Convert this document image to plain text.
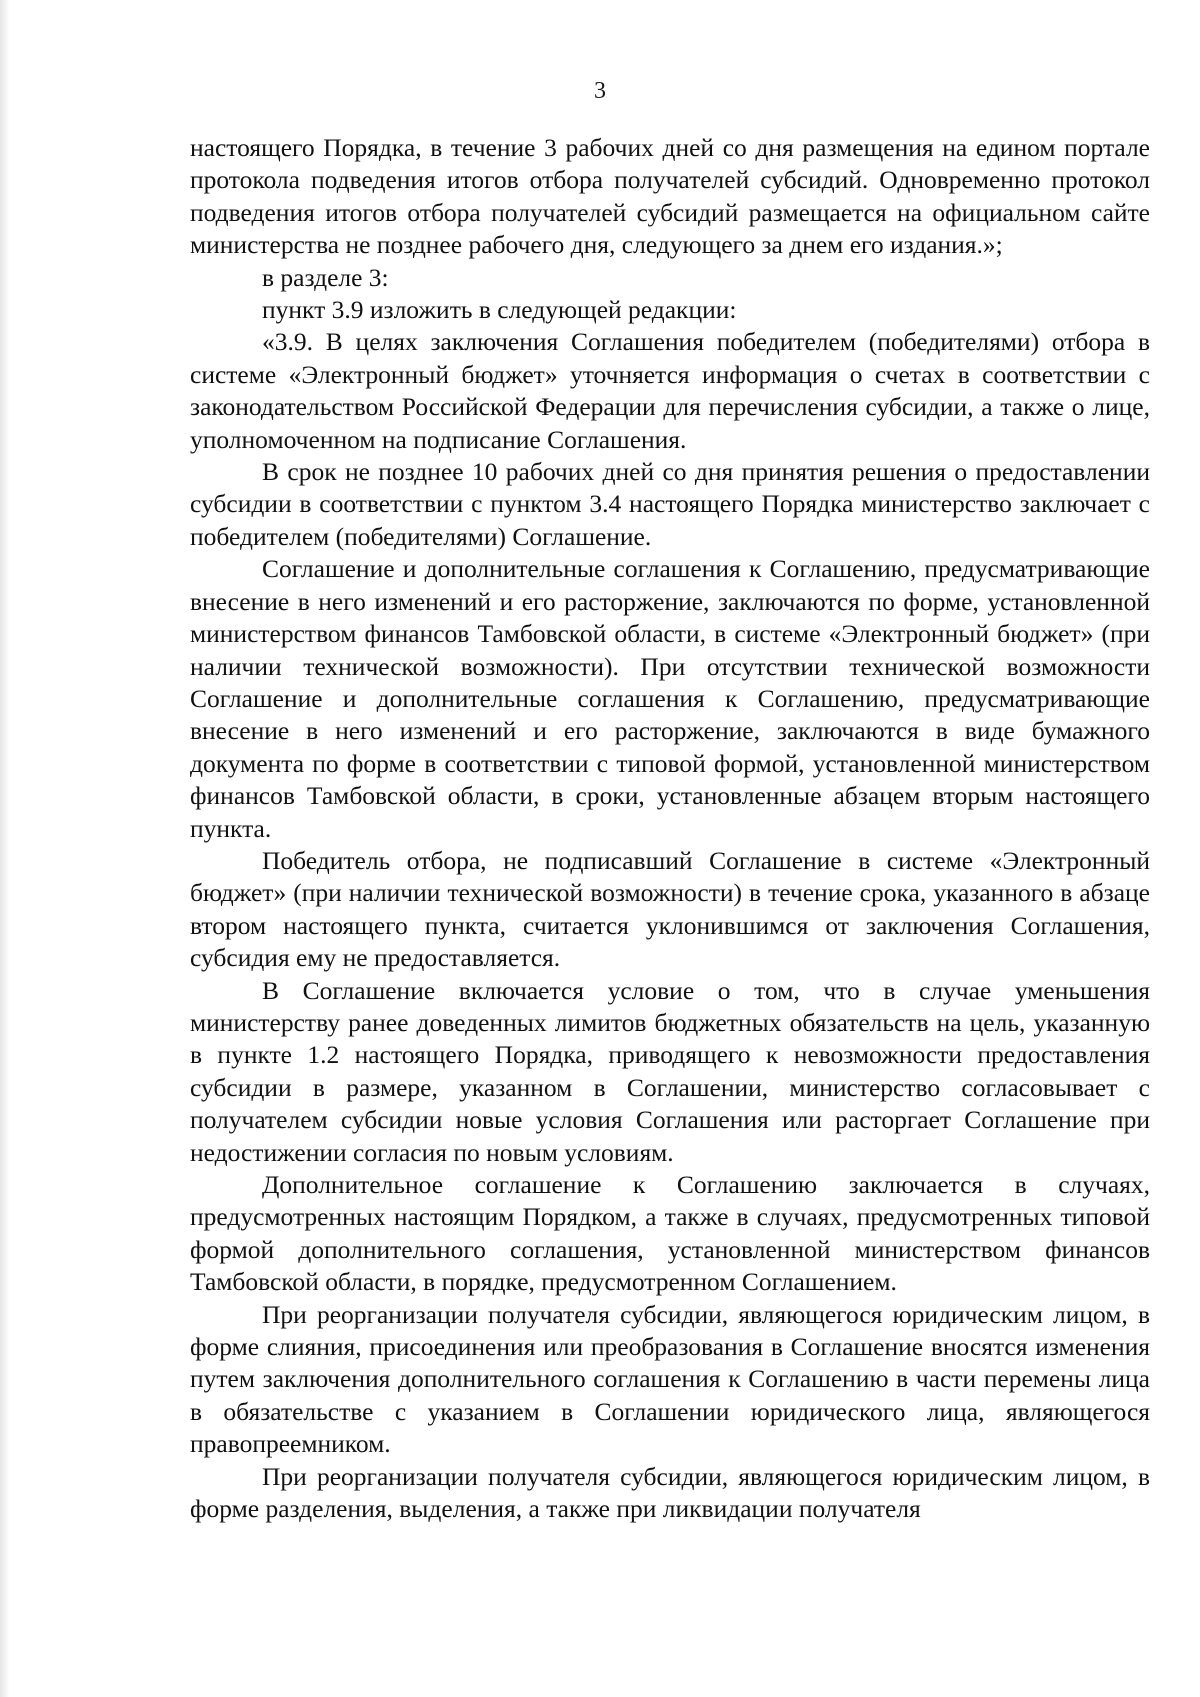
3

настоящего Порядка, в течение 3 рабочих дней со дня размещения на едином портале протокола подведения итогов отбора получателей субсидий. Одновременно протокол подведения итогов отбора получателей субсидий размещается на официальном сайте министерства не позднее рабочего дня, следующего за днем его издания.»;

в разделе 3:

пункт 3.9 изложить в следующей редакции:

«3.9. В целях заключения Соглашения победителем (победителями) отбора в системе «Электронный бюджет» уточняется информация о счетах в соответствии с законодательством Российской Федерации для перечисления субсидии, а также о лице, уполномоченном на подписание Соглашения.

В срок не позднее 10 рабочих дней со дня принятия решения о предоставлении субсидии в соответствии с пунктом 3.4 настоящего Порядка министерство заключает с победителем (победителями) Соглашение.

Соглашение и дополнительные соглашения к Соглашению, предусматривающие внесение в него изменений и его расторжение, заключаются по форме, установленной министерством финансов Тамбовской области, в системе «Электронный бюджет» (при наличии технической возможности). При отсутствии технической возможности Соглашение и дополнительные соглашения к Соглашению, предусматривающие внесение в него изменений и его расторжение, заключаются в виде бумажного документа по форме в соответствии с типовой формой, установленной министерством финансов Тамбовской области, в сроки, установленные абзацем вторым настоящего пункта.

Победитель отбора, не подписавший Соглашение в системе «Электронный бюджет» (при наличии технической возможности) в течение срока, указанного в абзаце втором настоящего пункта, считается уклонившимся от заключения Соглашения, субсидия ему не предоставляется.

В Соглашение включается условие о том, что в случае уменьшения министерству ранее доведенных лимитов бюджетных обязательств на цель, указанную в пункте 1.2 настоящего Порядка, приводящего к невозможности предоставления субсидии в размере, указанном в Соглашении, министерство согласовывает с получателем субсидии новые условия Соглашения или расторгает Соглашение при недостижении согласия по новым условиям.

Дополнительное соглашение к Соглашению заключается в случаях, предусмотренных настоящим Порядком, а также в случаях, предусмотренных типовой формой дополнительного соглашения, установленной министерством финансов Тамбовской области, в порядке, предусмотренном Соглашением.

При реорганизации получателя субсидии, являющегося юридическим лицом, в форме слияния, присоединения или преобразования в Соглашение вносятся изменения путем заключения дополнительного соглашения к Соглашению в части перемены лица в обязательстве с указанием в Соглашении юридического лица, являющегося правопреемником.

При реорганизации получателя субсидии, являющегося юридическим лицом, в форме разделения, выделения, а также при ликвидации получателя
